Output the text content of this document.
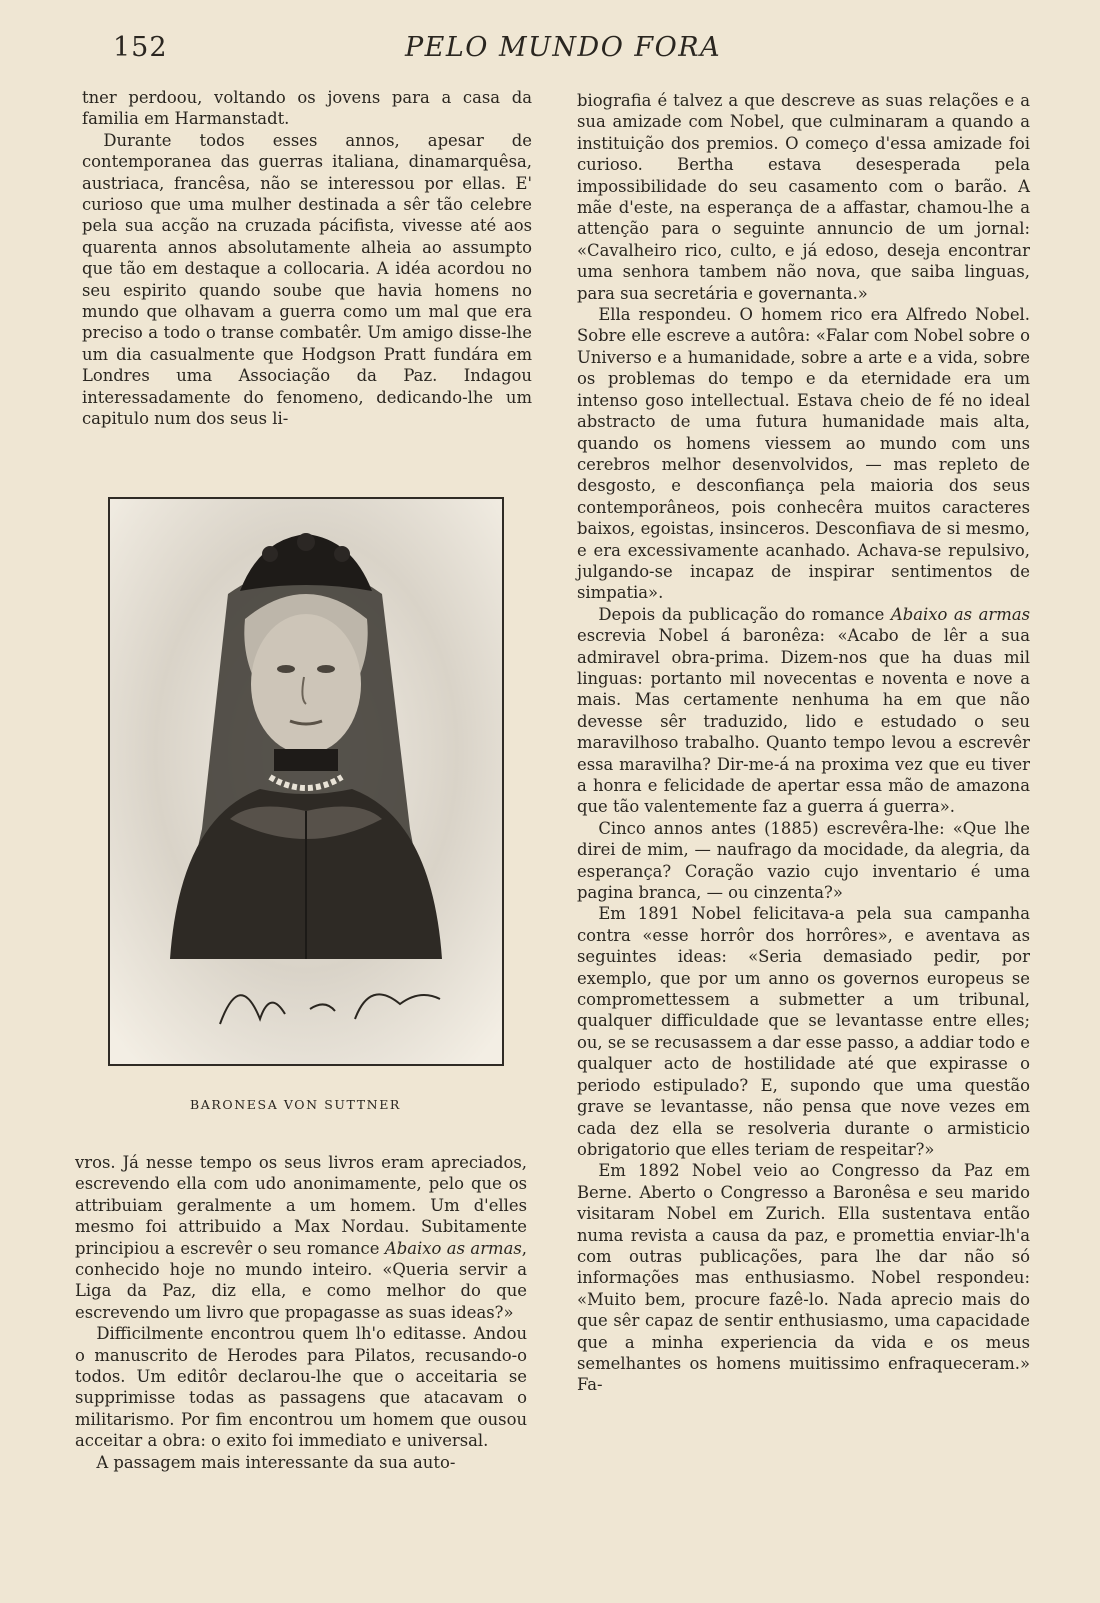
152	PELO MUNDO FORA

tner perdoou, voltando os jovens para a casa da familia em Harmanstadt.

Durante todos esses annos, apesar de contemporanea das guerras italiana, dinamarquêsa, austriaca, francêsa, não se interessou por ellas. E' curioso que uma mulher destinada a sêr tão celebre pela sua acção na cruzada pácifista, vivesse até aos quarenta annos absolutamente alheia ao assumpto que tão em destaque a collocaria. A idéa acordou no seu espirito quando soube que havia homens no mundo que olhavam a guerra como um mal que era preciso a todo o transe combatêr. Um amigo disse-lhe um dia casualmente que Hodgson Pratt fundára em Londres uma Associação da Paz. Indagou interessadamente do fenomeno, dedicando-lhe um capitulo num dos seus li-

BARONESA VON SUTTNER

vros. Já nesse tempo os seus livros eram apreciados, escrevendo ella com udo anonimamente, pelo que os attribuiam geralmente a um homem. Um d'elles mesmo foi attribuido a Max Nordau. Subitamente principiou a escrevêr o seu romance Abaixo as armas, conhecido hoje no mundo inteiro. «Queria servir a Liga da Paz, diz ella, e como melhor do que escrevendo um livro que propagasse as suas ideas?»

Difficilmente encontrou quem lh'o editasse. Andou o manuscrito de Herodes para Pilatos, recusando-o todos. Um editôr declarou-lhe que o acceitaria se supprimisse todas as passagens que atacavam o militarismo. Por fim encontrou um homem que ousou acceitar a obra: o exito foi immediato e universal.

A passagem mais interessante da sua auto-

biografia é talvez a que descreve as suas relações e a sua amizade com Nobel, que culminaram a quando a instituição dos premios. O começo d'essa amizade foi curioso. Bertha estava desesperada pela impossibilidade do seu casamento com o barão. A mãe d'este, na esperança de a affastar, chamou-lhe a attenção para o seguinte annuncio de um jornal: «Cavalheiro rico, culto, e já edoso, deseja encontrar uma senhora tambem não nova, que saiba linguas, para sua secretária e governanta.»

Ella respondeu. O homem rico era Alfredo Nobel. Sobre elle escreve a autôra: «Falar com Nobel sobre o Universo e a humanidade, sobre a arte e a vida, sobre os problemas do tempo e da eternidade era um intenso goso intellectual. Estava cheio de fé no ideal abstracto de uma futura humanidade mais alta, quando os homens viessem ao mundo com uns cerebros melhor desenvolvidos, — mas repleto de desgosto, e desconfiança pela maioria dos seus contemporâneos, pois conhecêra muitos caracteres baixos, egoistas, insinceros. Desconfiava de si mesmo, e era excessivamente acanhado. Achava-se repulsivo, julgando-se incapaz de inspirar sentimentos de simpatia».

Depois da publicação do romance Abaixo as armas escrevia Nobel á baronêza: «Acabo de lêr a sua admiravel obra-prima. Dizem-nos que ha duas mil linguas: portanto mil novecentas e noventa e nove a mais. Mas certamente nenhuma ha em que não devesse sêr traduzido, lido e estudado o seu maravilhoso trabalho. Quanto tempo levou a escrevêr essa maravilha? Dir-me-á na proxima vez que eu tiver a honra e felicidade de apertar essa mão de amazona que tão valentemente faz a guerra á guerra».

Cinco annos antes (1885) escrevêra-lhe: «Que lhe direi de mim, — naufrago da mocidade, da alegria, da esperança? Coração vazio cujo inventario é uma pagina branca, — ou cinzenta?»

Em 1891 Nobel felicitava-a pela sua campanha contra «esse horrôr dos horrôres», e aventava as seguintes ideas: «Seria demasiado pedir, por exemplo, que por um anno os governos europeus se compromettessem a submetter a um tribunal, qualquer difficuldade que se levantasse entre elles; ou, se se recusassem a dar esse passo, a addiar todo e qualquer acto de hostilidade até que expirasse o periodo estipulado? E, supondo que uma questão grave se levantasse, não pensa que nove vezes em cada dez ella se resolveria durante o armisticio obrigatorio que elles teriam de respeitar?»

Em 1892 Nobel veio ao Congresso da Paz em Berne. Aberto o Congresso a Baronêsa e seu marido visitaram Nobel em Zurich. Ella sustentava então numa revista a causa da paz, e promettia enviar-lh'a com outras publicações, para lhe dar não só informações mas enthusiasmo. Nobel respondeu: «Muito bem, procure fazê-lo. Nada aprecio mais do que sêr capaz de sentir enthusiasmo, uma capacidade que a minha experiencia da vida e os meus semelhantes os homens muitissimo enfraqueceram.» Fa-
